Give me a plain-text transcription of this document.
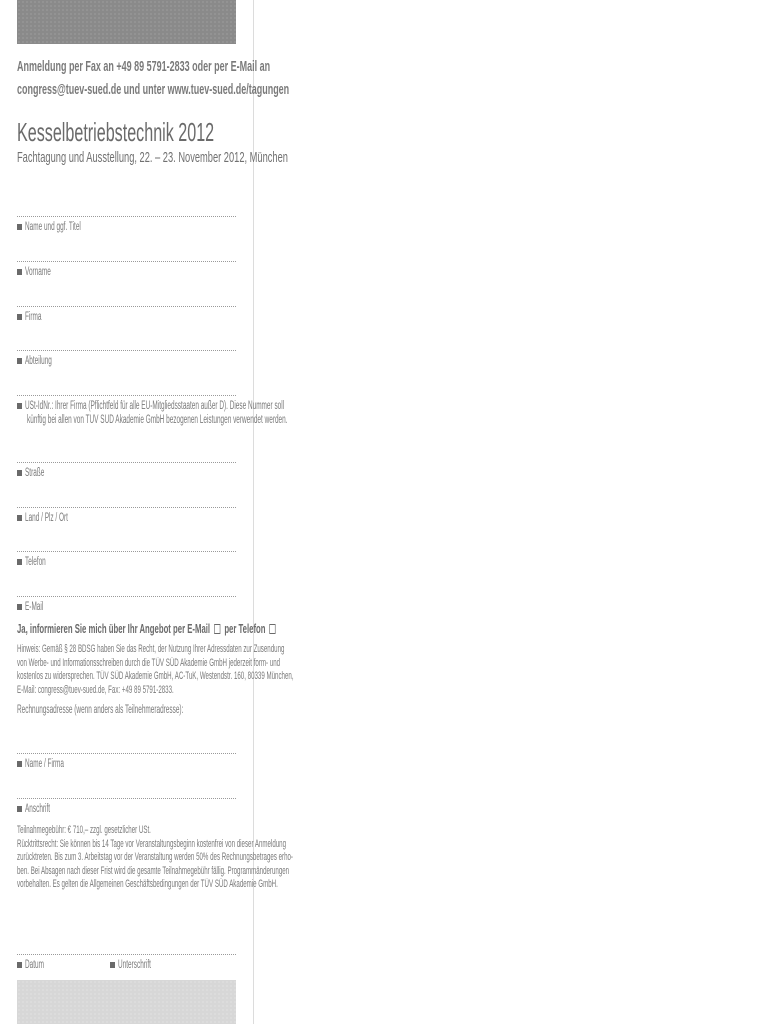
Anmeldung per Fax an +49 89 5791-2833 oder per E-Mail an
congress@tuev-sued.de und unter www.tuev-sued.de/tagungen
Kesselbetriebstechnik 2012
Fachtagung und Ausstellung, 22. – 23. November 2012, München
Name und ggf. Titel
Vorname
Firma
Abteilung
USt-IdNr.: Ihrer Firma (Pflichtfeld für alle EU-Mitgliedsstaaten außer D). Diese Nummer soll
künftig bei allen von TÜV SÜD Akademie GmbH bezogenen Leistungen verwendet werden.
Straße
Land / Plz / Ort
Telefon
E-Mail
Ja, informieren Sie mich über Ihr Angebot per E-Mail per Telefon
Hinweis: Gemäß § 28 BDSG haben Sie das Recht, der Nutzung Ihrer Adressdaten zur Zusendung
von Werbe- und Informationsschreiben durch die TÜV SÜD Akademie GmbH jederzeit form- und
kostenlos zu widersprechen. TÜV SÜD Akademie GmbH, AC-TuK, Westendstr. 160, 80339 München,
E-Mail: congress@tuev-sued.de, Fax: +49 89 5791-2833.
Rechnungsadresse (wenn anders als Teilnehmeradresse):
Name / Firma
Anschrift
Teilnahmegebühr: € 710,– zzgl. gesetzlicher USt.
Rücktrittsrecht: Sie können bis 14 Tage vor Veranstaltungsbeginn kostenfrei von dieser Anmeldung
zurücktreten. Bis zum 3. Arbeitstag vor der Veranstaltung werden 50% des Rechnungsbetrages erho-
ben. Bei Absagen nach dieser Frist wird die gesamte Teilnahmegebühr fällig. Programmänderungen
vorbehalten. Es gelten die Allgemeinen Geschäftsbedingungen der TÜV SÜD Akademie GmbH.
Datum	Unterschrift
